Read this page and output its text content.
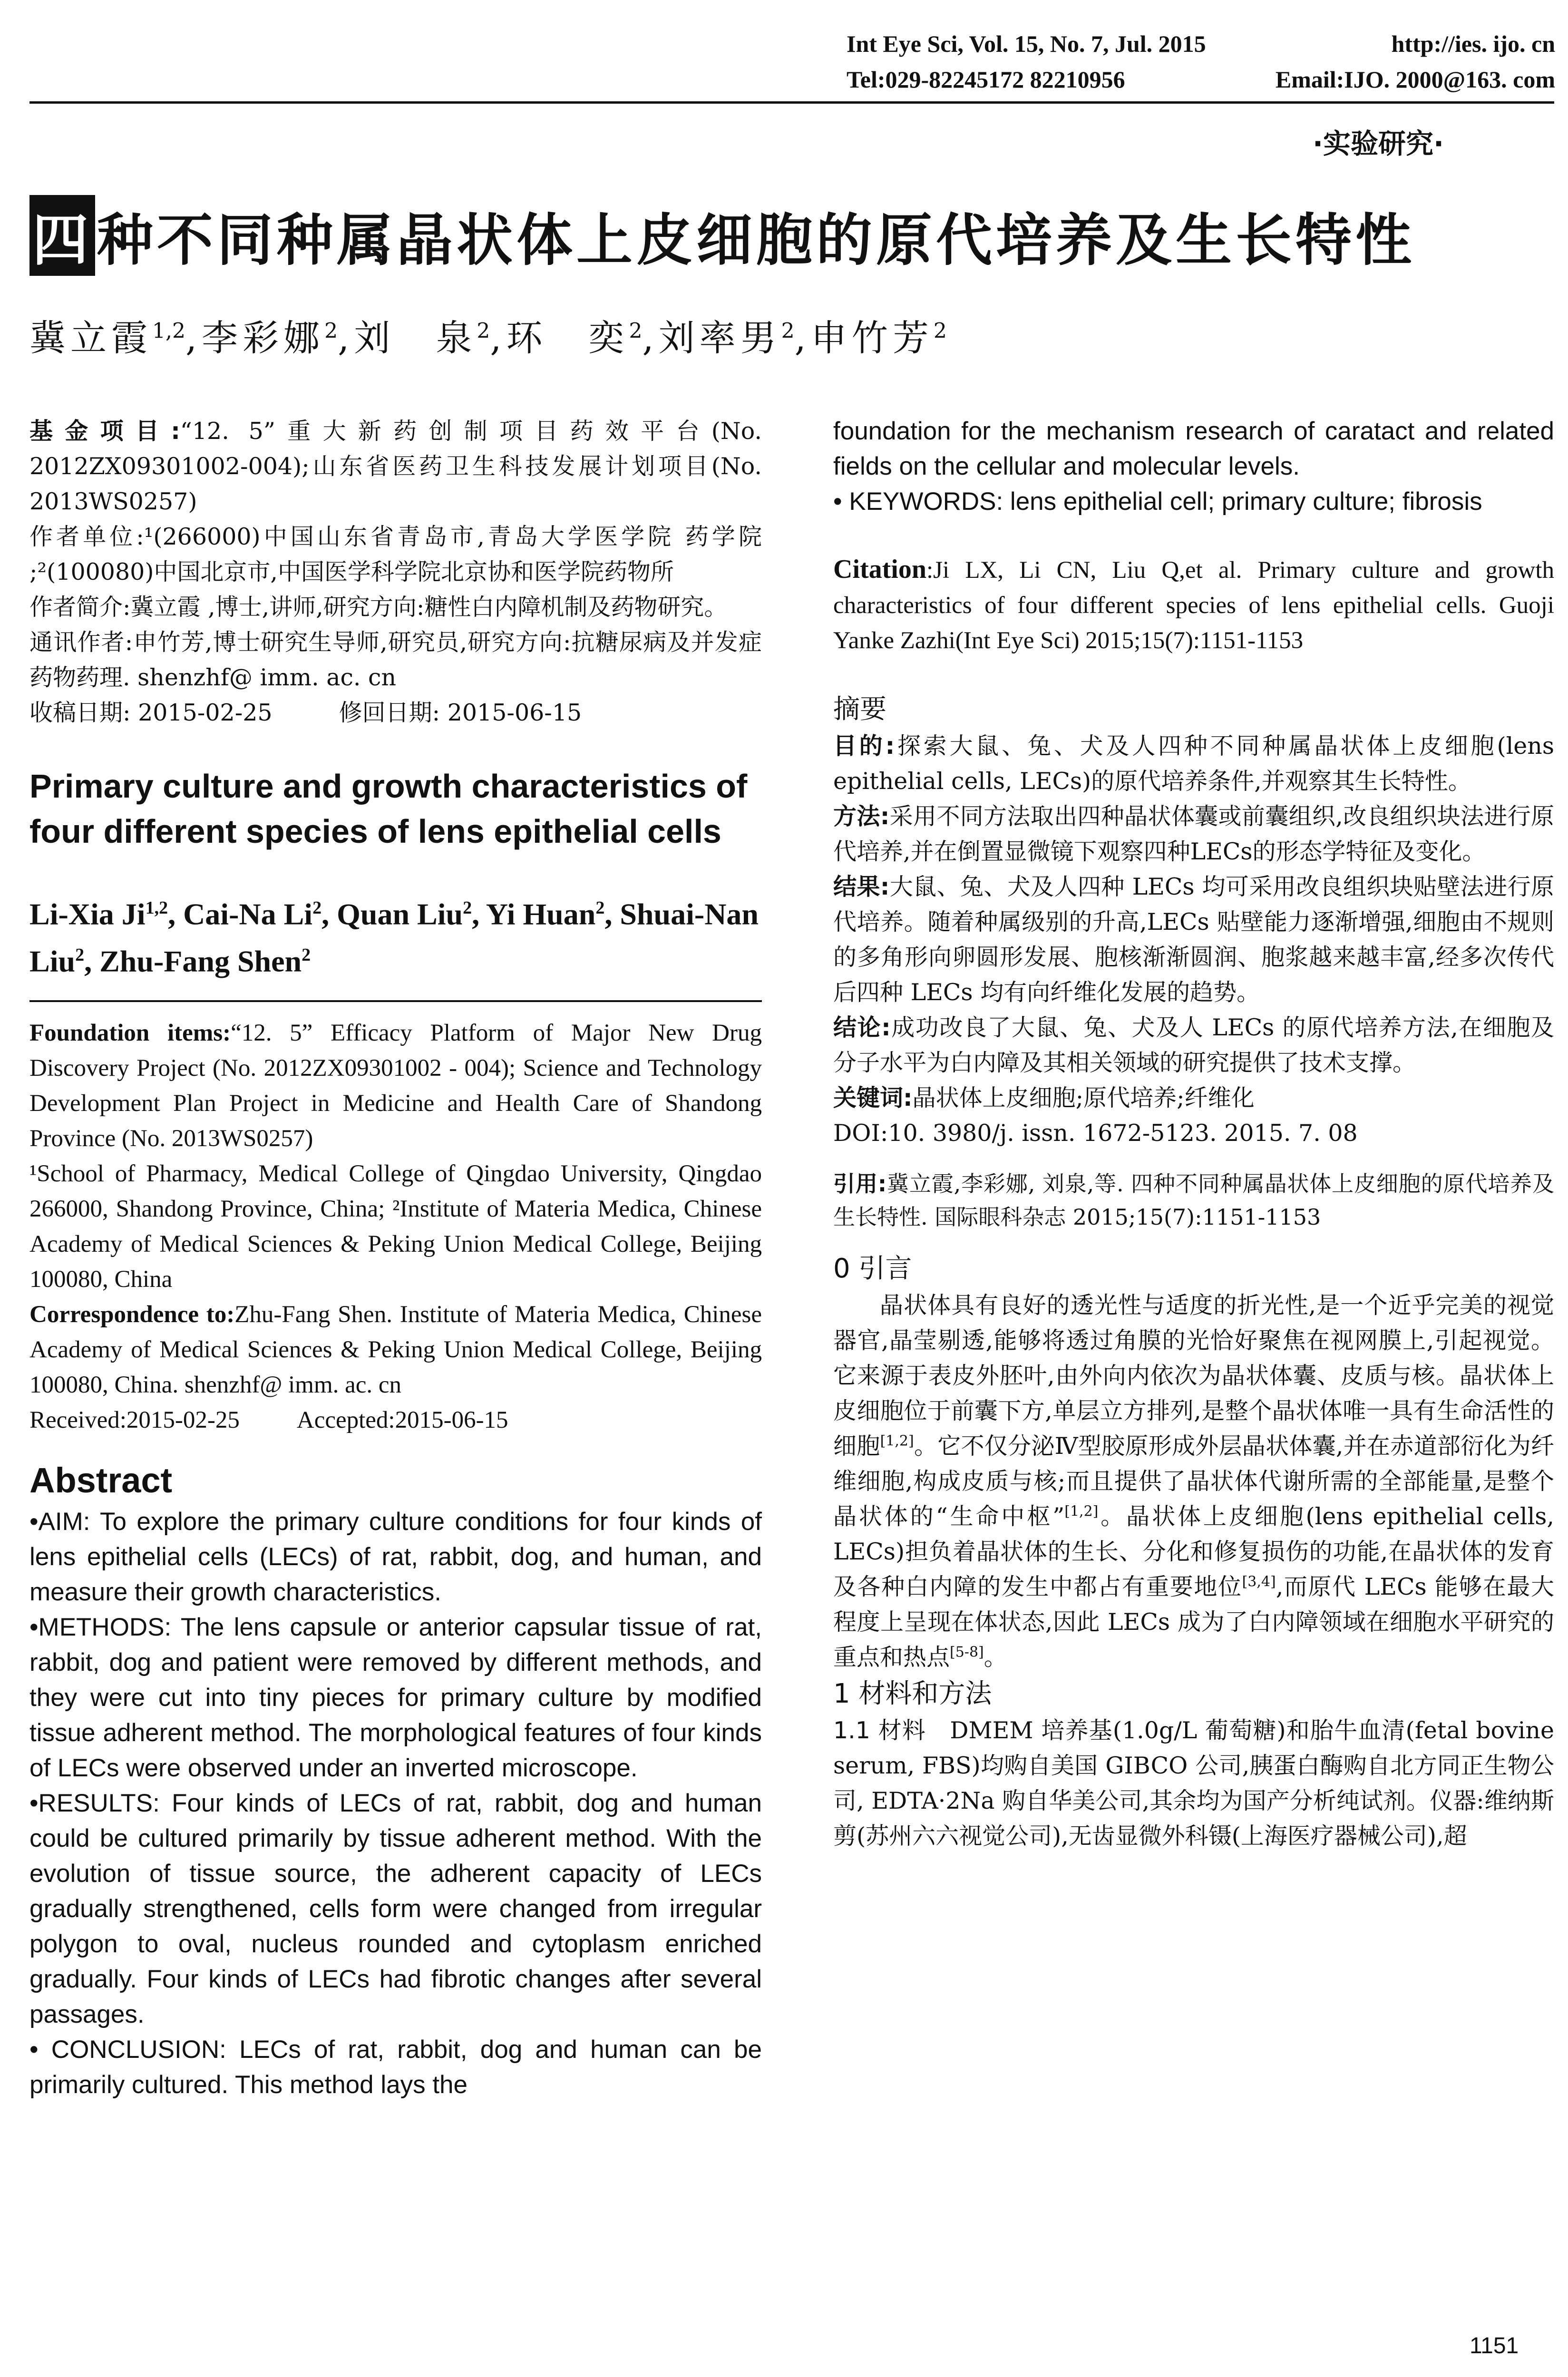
Int Eye Sci, Vol. 15, No. 7, Jul. 2015	http://ies. ijo. cn
Tel:029-82245172 82210956	Email:IJO. 2000@163. com
·实验研究·
四种不同种属晶状体上皮细胞的原代培养及生长特性
冀立霞$^{1,2}$,李彩娜$^2$,刘　泉$^2$,环　奕$^2$,刘率男$^2$,申竹芳$^2$
基金项目:“12. 5”重大新药创制项目药效平台(No. 2012ZX09301002-004);山东省医药卫生科技发展计划项目(No. 2013WS0257)
作者单位:¹(266000)中国山东省青岛市,青岛大学医学院 药学院 ;²(100080)中国北京市,中国医学科学院北京协和医学院药物所
作者简介:冀立霞 ,博士,讲师,研究方向:糖性白内障机制及药物研究。
通讯作者:申竹芳,博士研究生导师,研究员,研究方向:抗糖尿病及并发症药物药理. shenzhf@ imm. ac. cn
收稿日期: 2015-02-25	修回日期: 2015-06-15
Primary culture and growth characteristics of four different species of lens epithelial cells
Li-Xia Ji$^{1,2}$, Cai-Na Li$^2$, Quan Liu$^2$, Yi Huan$^2$, Shuai-Nan Liu$^2$, Zhu-Fang Shen$^2$
Foundation items:“12. 5” Efficacy Platform of Major New Drug Discovery Project (No. 2012ZX09301002 - 004); Science and Technology Development Plan Project in Medicine and Health Care of Shandong Province (No. 2013WS0257)
¹School of Pharmacy, Medical College of Qingdao University, Qingdao 266000, Shandong Province, China; ²Institute of Materia Medica, Chinese Academy of Medical Sciences & Peking Union Medical College, Beijing 100080, China
Correspondence to:Zhu-Fang Shen. Institute of Materia Medica, Chinese Academy of Medical Sciences & Peking Union Medical College, Beijing 100080, China. shenzhf@ imm. ac. cn
Received:2015-02-25 Accepted:2015-06-15
Abstract
•AIM: To explore the primary culture conditions for four kinds of lens epithelial cells (LECs) of rat, rabbit, dog, and human, and measure their growth characteristics.
•METHODS: The lens capsule or anterior capsular tissue of rat, rabbit, dog and patient were removed by different methods, and they were cut into tiny pieces for primary culture by modified tissue adherent method. The morphological features of four kinds of LECs were observed under an inverted microscope.
•RESULTS: Four kinds of LECs of rat, rabbit, dog and human could be cultured primarily by tissue adherent method. With the evolution of tissue source, the adherent capacity of LECs gradually strengthened, cells form were changed from irregular polygon to oval, nucleus rounded and cytoplasm enriched gradually. Four kinds of LECs had fibrotic changes after several passages.
• CONCLUSION: LECs of rat, rabbit, dog and human can be primarily cultured. This method lays the
foundation for the mechanism research of caratact and related fields on the cellular and molecular levels.
• KEYWORDS: lens epithelial cell; primary culture; fibrosis
Citation:Ji LX, Li CN, Liu Q,et al. Primary culture and growth characteristics of four different species of lens epithelial cells. Guoji Yanke Zazhi(Int Eye Sci) 2015;15(7):1151-1153
摘要
目的:探索大鼠、兔、犬及人四种不同种属晶状体上皮细胞(lens epithelial cells, LECs)的原代培养条件,并观察其生长特性。
方法:采用不同方法取出四种晶状体囊或前囊组织,改良组织块法进行原代培养,并在倒置显微镜下观察四种LECs的形态学特征及变化。
结果:大鼠、兔、犬及人四种 LECs 均可采用改良组织块贴壁法进行原代培养。随着种属级别的升高,LECs 贴壁能力逐渐增强,细胞由不规则的多角形向卵圆形发展、胞核渐渐圆润、胞浆越来越丰富,经多次传代后四种 LECs 均有向纤维化发展的趋势。
结论:成功改良了大鼠、兔、犬及人 LECs 的原代培养方法,在细胞及分子水平为白内障及其相关领域的研究提供了技术支撑。
关键词:晶状体上皮细胞;原代培养;纤维化
DOI:10. 3980/j. issn. 1672-5123. 2015. 7. 08
引用:冀立霞,李彩娜, 刘泉,等. 四种不同种属晶状体上皮细胞的原代培养及生长特性. 国际眼科杂志 2015;15(7):1151-1153
0 引言
晶状体具有良好的透光性与适度的折光性,是一个近乎完美的视觉器官,晶莹剔透,能够将透过角膜的光恰好聚焦在视网膜上,引起视觉。它来源于表皮外胚叶,由外向内依次为晶状体囊、皮质与核。晶状体上皮细胞位于前囊下方,单层立方排列,是整个晶状体唯一具有生命活性的细胞[1,2]。它不仅分泌Ⅳ型胶原形成外层晶状体囊,并在赤道部衍化为纤维细胞,构成皮质与核;而且提供了晶状体代谢所需的全部能量,是整个晶状体的“生命中枢”[1,2]。晶状体上皮细胞(lens epithelial cells, LECs)担负着晶状体的生长、分化和修复损伤的功能,在晶状体的发育及各种白内障的发生中都占有重要地位[3,4],而原代 LECs 能够在最大程度上呈现在体状态,因此 LECs 成为了白内障领域在细胞水平研究的重点和热点[5-8]。
1 材料和方法
1.1 材料　 DMEM 培养基(1.0g/L 葡萄糖)和胎牛血清(fetal bovine serum, FBS)均购自美国 GIBCO 公司,胰蛋白酶购自北方同正生物公司, EDTA·2Na 购自华美公司,其余均为国产分析纯试剂。仪器:维纳斯剪(苏州六六视觉公司),无齿显微外科镊(上海医疗器械公司),超
1151
